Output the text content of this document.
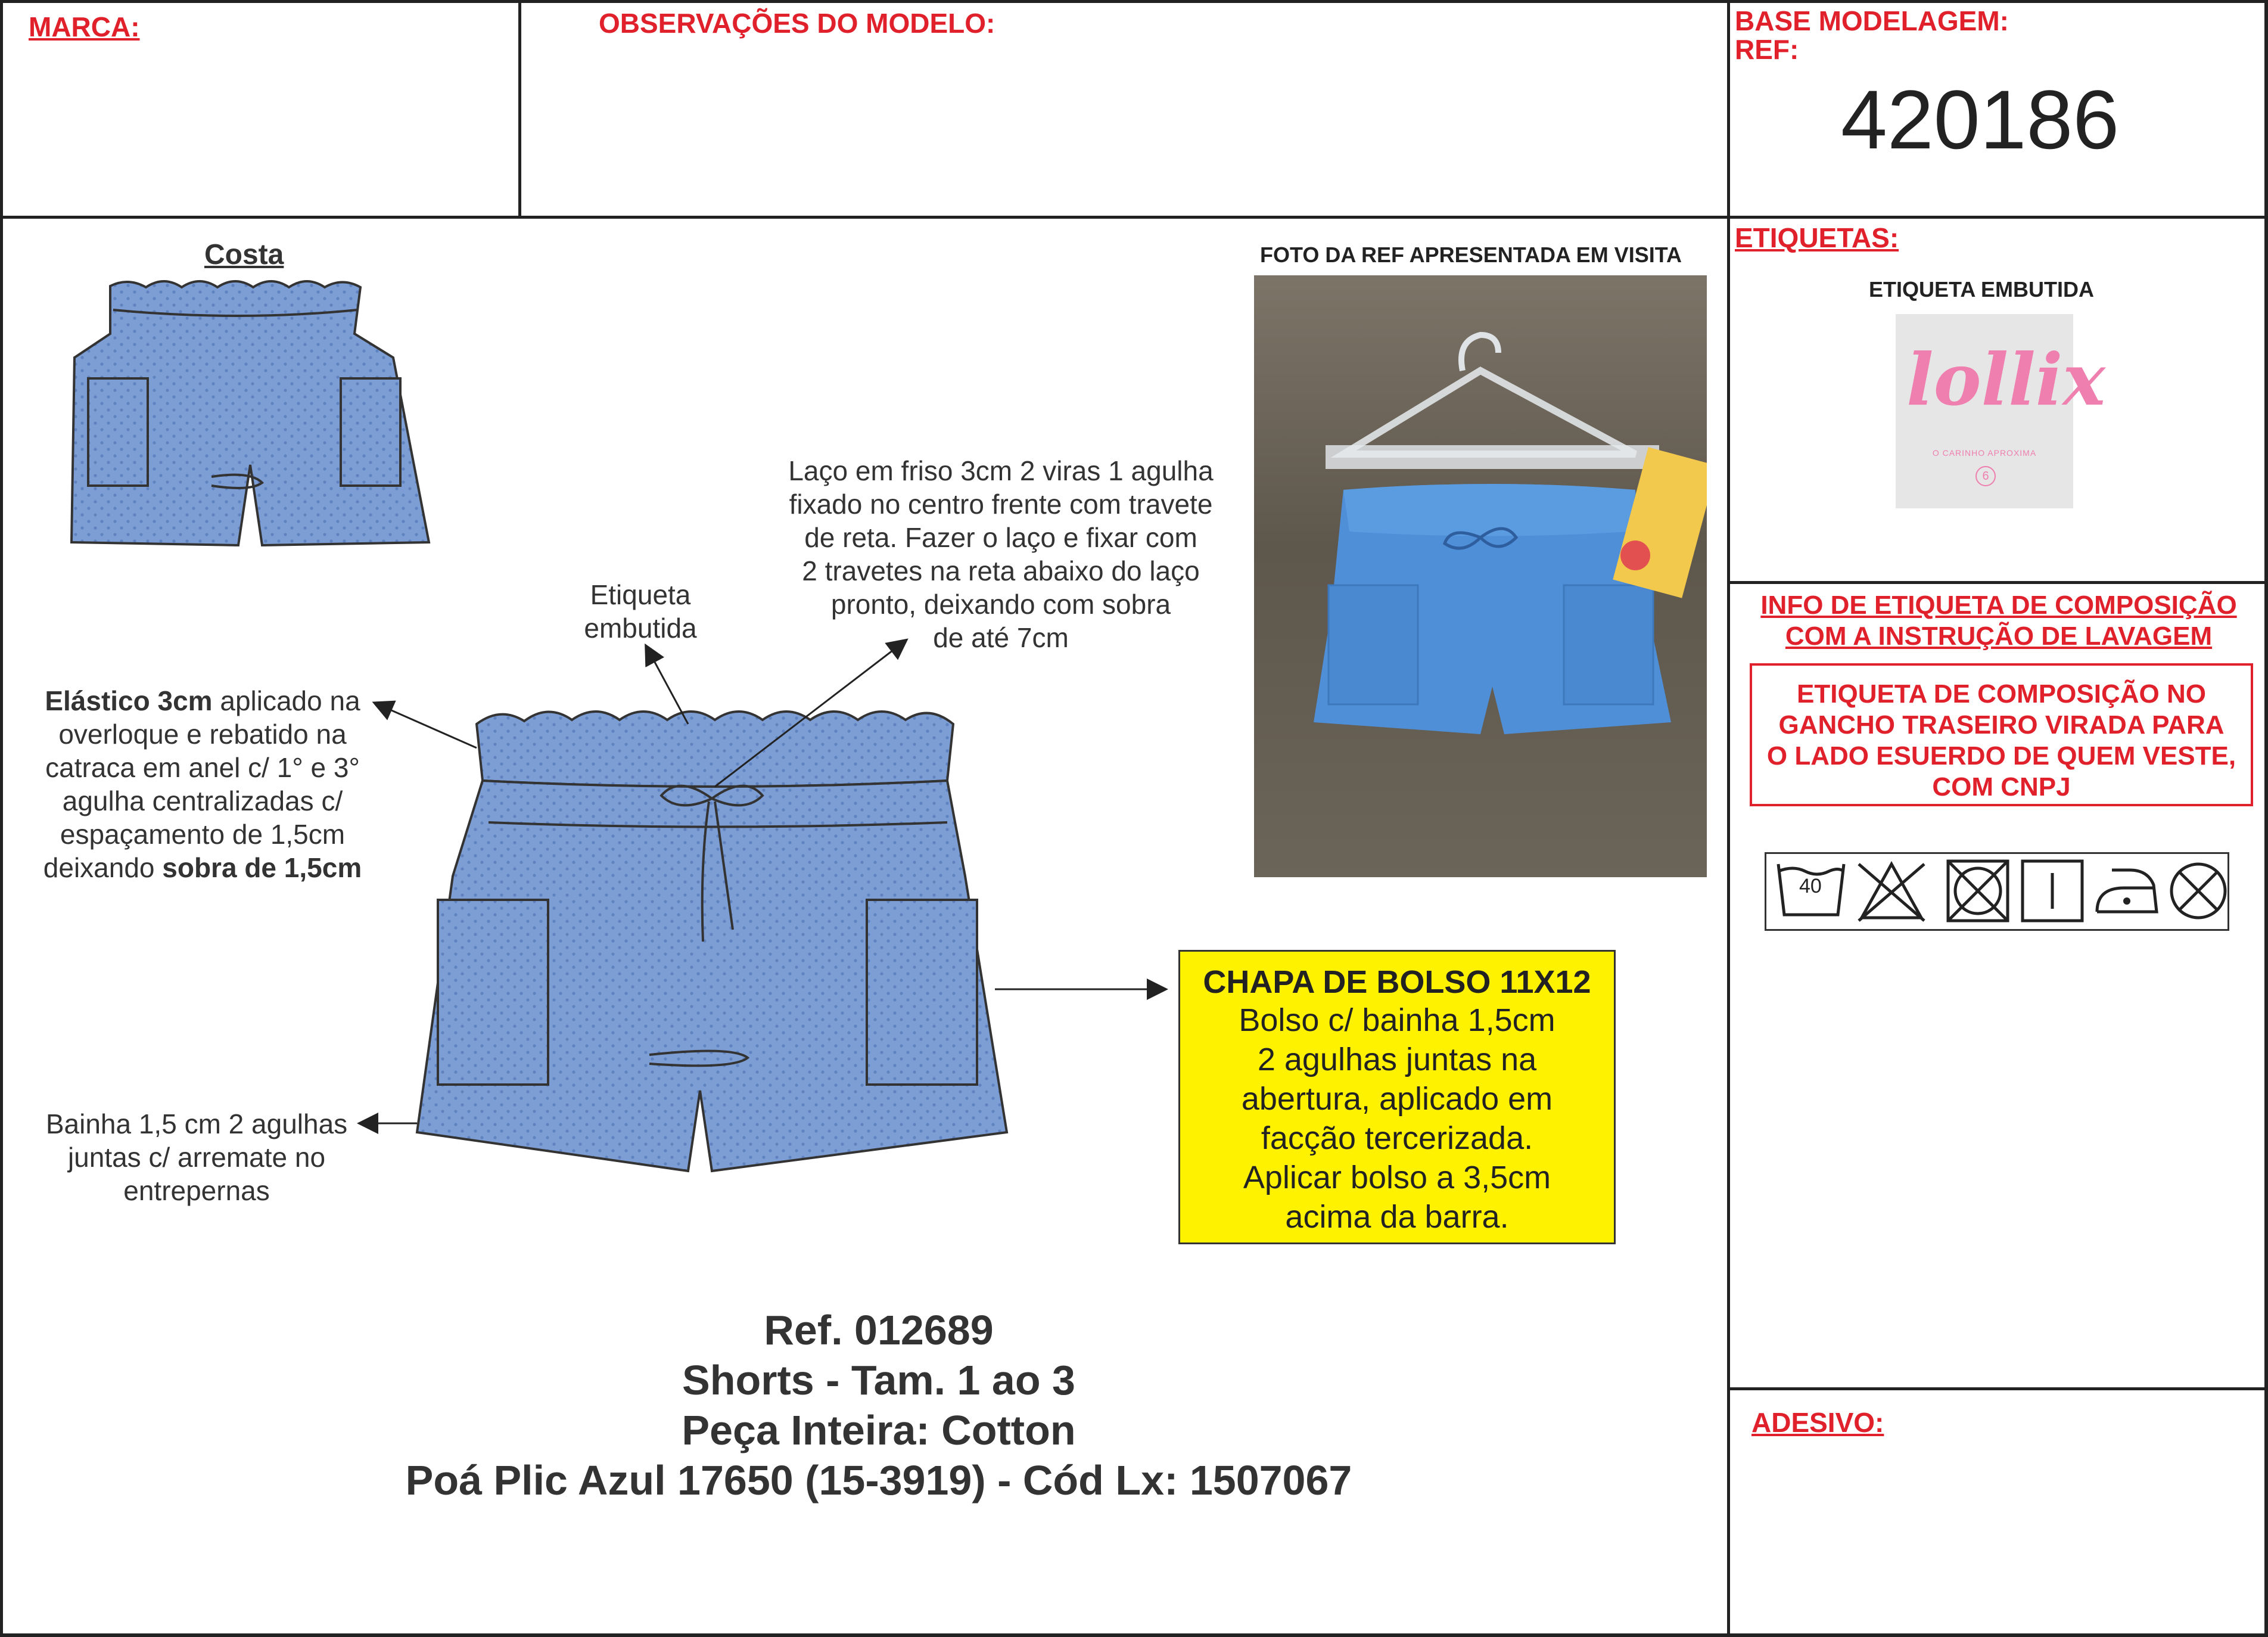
MARCA:	OBSERVAÇÕES DO MODELO:	BASE MODELAGEM:
REF:
420186
Costa
Etiqueta
embutida
Laço em friso 3cm 2 viras 1 agulha
fixado no centro frente com travete
de reta. Fazer o laço e fixar com
2 travetes na reta abaixo do laço
pronto, deixando com sobra
de até 7cm
Elástico 3cm aplicado na
overloque e rebatido na
catraca em anel c/ 1° e 3°
agulha centralizadas c/
espaçamento de 1,5cm
deixando sobra de 1,5cm
Bainha 1,5 cm 2 agulhas
juntas c/ arremate no
entrepernas
CHAPA DE BOLSO 11X12
Bolso c/ bainha 1,5cm
2 agulhas juntas na
abertura, aplicado em
facção tercerizada.
Aplicar bolso a 3,5cm
acima da barra.
FOTO DA REF APRESENTADA EM VISITA
Ref. 012689
Shorts - Tam. 1 ao 3
Peça Inteira: Cotton
Poá Plic Azul 17650 (15-3919) - Cód Lx: 1507067
ETIQUETAS:
ETIQUETA EMBUTIDA
lollix
O CARINHO APROXIMA
6
INFO DE ETIQUETA DE COMPOSIÇÃO
COM A INSTRUÇÃO DE LAVAGEM
ETIQUETA DE COMPOSIÇÃO NO
GANCHO TRASEIRO VIRADA PARA
O LADO ESUERDO DE QUEM VESTE,
COM CNPJ
40
ADESIVO:
